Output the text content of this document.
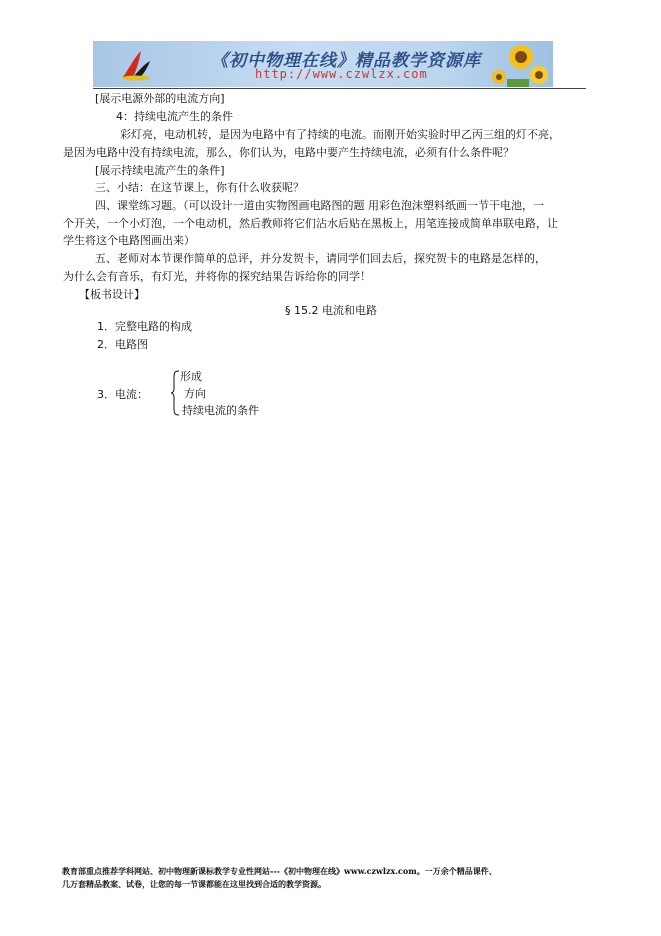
《初中物理在线》精品教学资源库
http://www.czwlzx.com
[展示电源外部的电流方向]
4：持续电流产生的条件
彩灯亮，电动机转，是因为电路中有了持续的电流。而刚开始实验时甲乙丙三组的灯不亮，
是因为电路中没有持续电流，那么，你们认为，电路中要产生持续电流，必须有什么条件呢？
[展示持续电流产生的条件]
三、小结：在这节课上，你有什么收获呢？
四、课堂练习题。（可以设计一道由实物图画电路图的题 用彩色泡沫塑料纸画一节干电池，一
个开关，一个小灯泡，一个电动机，然后教师将它们沾水后贴在黑板上，用笔连接成简单串联电路，让
学生将这个电路图画出来）
五、老师对本节课作简单的总评，并分发贺卡，请同学们回去后，探究贺卡的电路是怎样的，
为什么会有音乐，有灯光，并将你的探究结果告诉给你的同学！
【板书设计】
§ 15.2 电流和电路
1．完整电路的构成
2．电路图
3．电流：
形成
方向
持续电流的条件
教育部重点推荐学科网站、初中物理新课标教学专业性网站---《初中物理在线》www.czwlzx.com。一万余个精品课件、
几万套精品教案、试卷，让您的每一节课都能在这里找到合适的教学资源。
